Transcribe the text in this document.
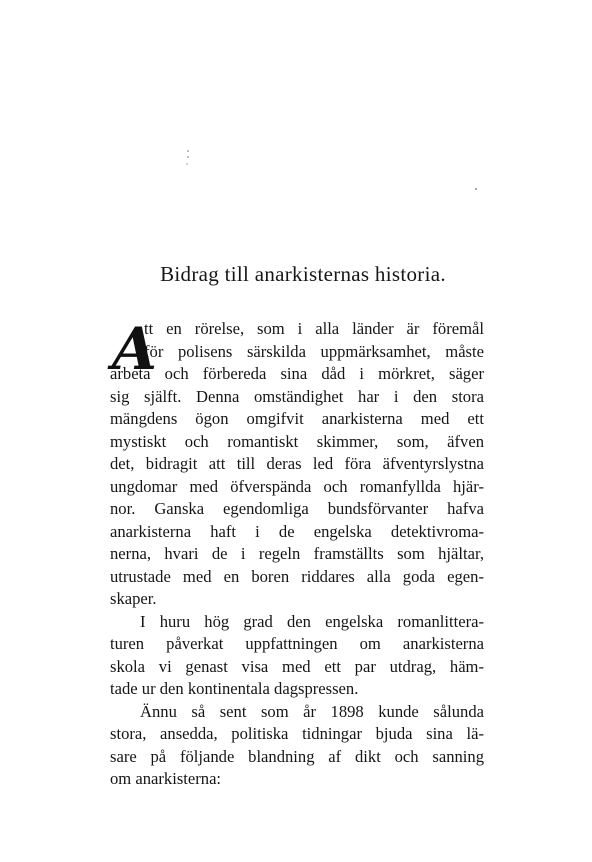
Bidrag till anarkisternas historia.
A
tt en rörelse, som i alla länder är föremål
för polisens särskilda uppmärksamhet, måste
arbeta och förbereda sina dåd i mörkret, säger
sig själft. Denna omständighet har i den stora
mängdens ögon omgifvit anarkisterna med ett
mystiskt och romantiskt skimmer, som, äfven
det, bidragit att till deras led föra äfventyrslystna
ungdomar med öfverspända och romanfyllda hjär-
nor. Ganska egendomliga bundsförvanter hafva
anarkisterna haft i de engelska detektivroma-
nerna, hvari de i regeln framställts som hjältar,
utrustade med en boren riddares alla goda egen-
skaper.
I huru hög grad den engelska romanlittera-
turen påverkat uppfattningen om anarkisterna
skola vi genast visa med ett par utdrag, häm-
tade ur den kontinentala dagspressen.
Ännu så sent som år 1898 kunde sålunda
stora, ansedda, politiska tidningar bjuda sina lä-
sare på följande blandning af dikt och sanning
om anarkisterna:
